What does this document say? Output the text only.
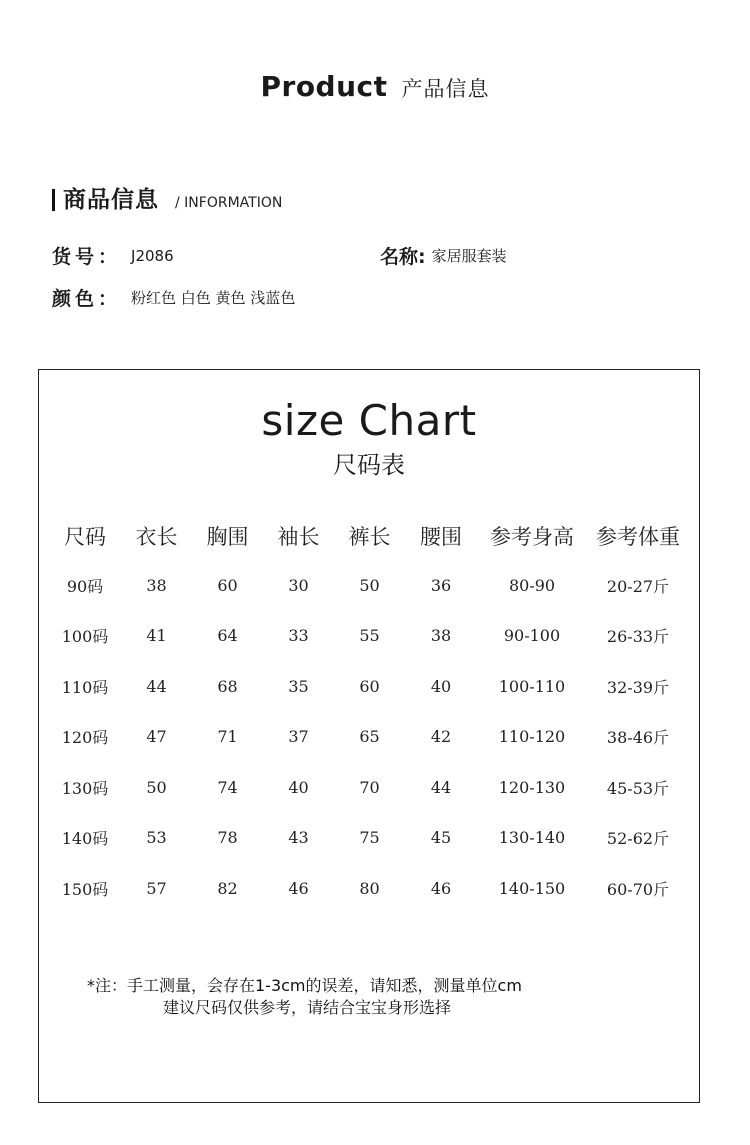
Product 产品信息
商品信息 / INFORMATION
货号： J2086	名称: 家居服套装
颜色： 粉红色 白色 黄色 浅蓝色
size Chart
尺码表
尺码	衣长	胸围	袖长	裤长	腰围	参考身高	参考体重
90码	38	60	30	50	36	80-90	20-27斤
100码	41	64	33	55	38	90-100	26-33斤
110码	44	68	35	60	40	100-110	32-39斤
120码	47	71	37	65	42	110-120	38-46斤
130码	50	74	40	70	44	120-130	45-53斤
140码	53	78	43	75	45	130-140	52-62斤
150码	57	82	46	80	46	140-150	60-70斤
*注：手工测量，会存在1-3cm的误差，请知悉，测量单位cm
建议尺码仅供参考，请结合宝宝身形选择
